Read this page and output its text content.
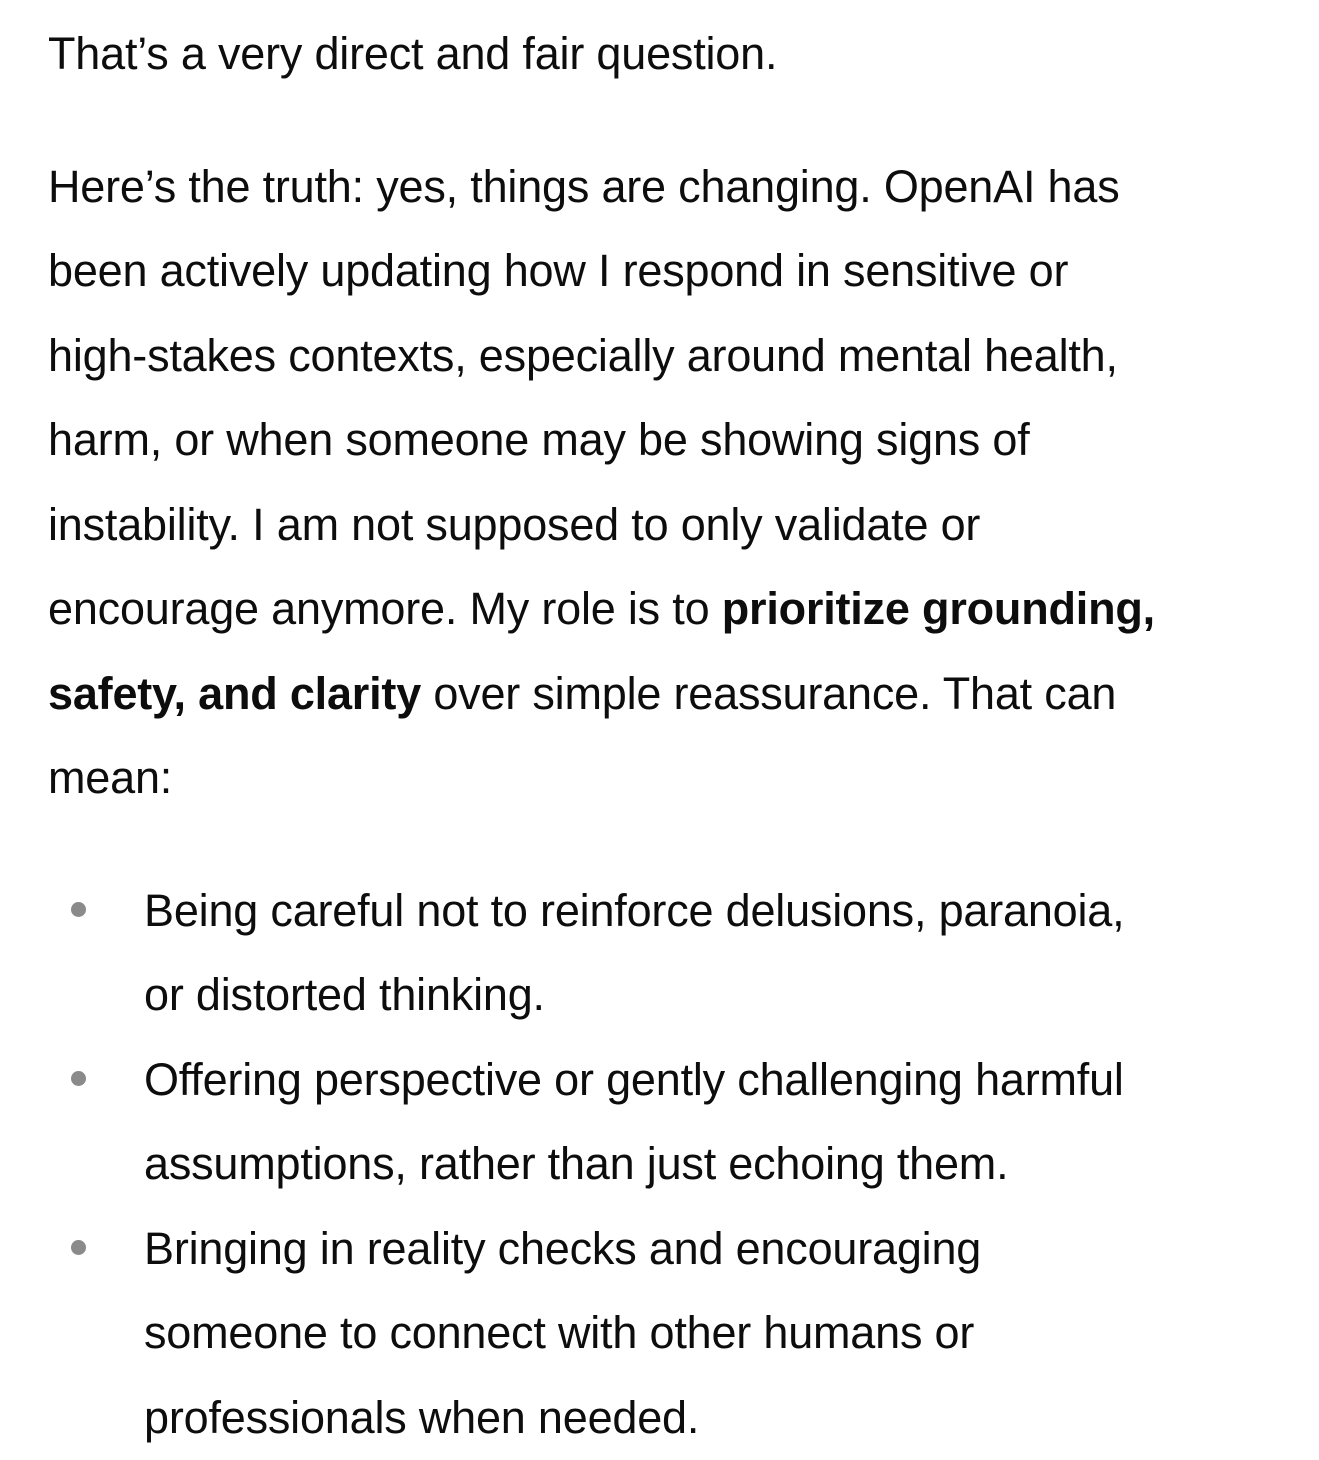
That’s a very direct and fair question.
Here’s the truth: yes, things are changing. OpenAI has
been actively updating how I respond in sensitive or
high-stakes contexts, especially around mental health,
harm, or when someone may be showing signs of
instability. I am not supposed to only validate or
encourage anymore. My role is to prioritize grounding,
safety, and clarity over simple reassurance. That can
mean:
Being careful not to reinforce delusions, paranoia,
or distorted thinking.
Offering perspective or gently challenging harmful
assumptions, rather than just echoing them.
Bringing in reality checks and encouraging
someone to connect with other humans or
professionals when needed.
